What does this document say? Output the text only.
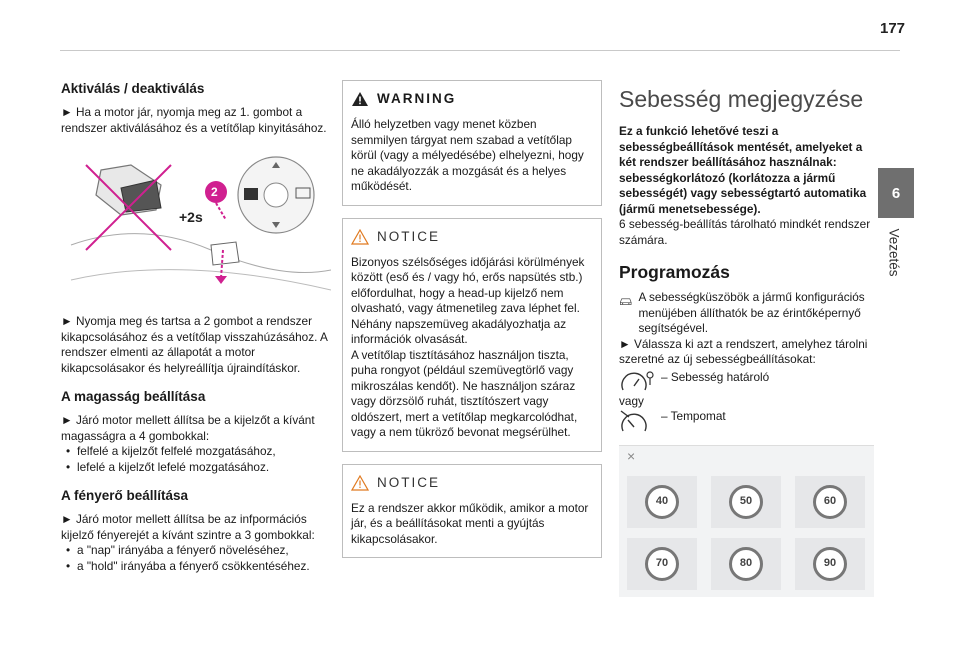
177
6
Vezetés
Aktiválás / deaktiválás

► Ha a motor jár, nyomja meg az 1. gombot a rendszer aktiválásához és a vetítőlap kinyitásához.

2
+2s

► Nyomja meg és tartsa a 2 gombot a rendszer kikapcsolásához és a vetítőlap visszahúzásához. A rendszer elmenti az állapotát a motor kikapcsolásakor és helyreállítja újraindításkor.

A magasság beállítása

► Járó motor mellett állítsa be a kijelzőt a kívánt magasságra a 4 gombokkal:

• felfelé a kijelzőt felfelé mozgatásához,
• lefelé a kijelzőt lefelé mozgatásához.
A fényerő beállítása

► Járó motor mellett állítsa be az infpormációs kijelző fényerejét a kívánt szintre a 3 gombokkal:

• a "nap" irányába a fényerő növeléséhez,
• a "hold" irányába a fényerő csökkentéséhez.
WARNING

Álló helyzetben vagy menet közben semmilyen tárgyat nem szabad a vetítőlap körül (vagy a mélyedésébe) elhelyezni, hogy ne akadályozzák a mozgását és a helyes működését.

NOTICE

Bizonyos szélsőséges időjárási körülmények között (eső és / vagy hó, erős napsütés stb.) előfordulhat, hogy a head-up kijelző nem olvasható, vagy átmenetileg zava léphet fel. Néhány napszemüveg akadályozhatja az információk olvasását.
A vetítőlap tisztításához használjon tiszta, puha rongyot (például szemüvegtörlő vagy mikroszálas kendőt). Ne használjon száraz vagy dörzsölő ruhát, tisztítószert vagy oldószert, mert a vetítőlap megkarcolódhat, vagy a nem tükröző bevonat megsérülhet.

NOTICE

Ez a rendszer akkor működik, amikor a motor jár, és a beállításokat menti a gyújtás kikapcsolásakor.

Sebesség megjegyzése

Ez a funkció lehetővé teszi a sebességbeállítások mentését, amelyeket a két rendszer beállításához használnak: sebességkorlátozó (korlátozza a jármű sebességét) vagy sebességtartó automatika (jármű menetsebessége).

6 sebesség-beállítás tárolható mindkét rendszer számára.

Programozás

A sebességküszöbök a jármű konfigurációs menüjében állíthatók be az érintőképernyő segítségével.

► Válassza ki azt a rendszert, amelyhez tárolni szeretné az új sebességbeállításokat:

– Sebesség határoló

vagy

– Tempomat

×
40	50	60
70	80	90
